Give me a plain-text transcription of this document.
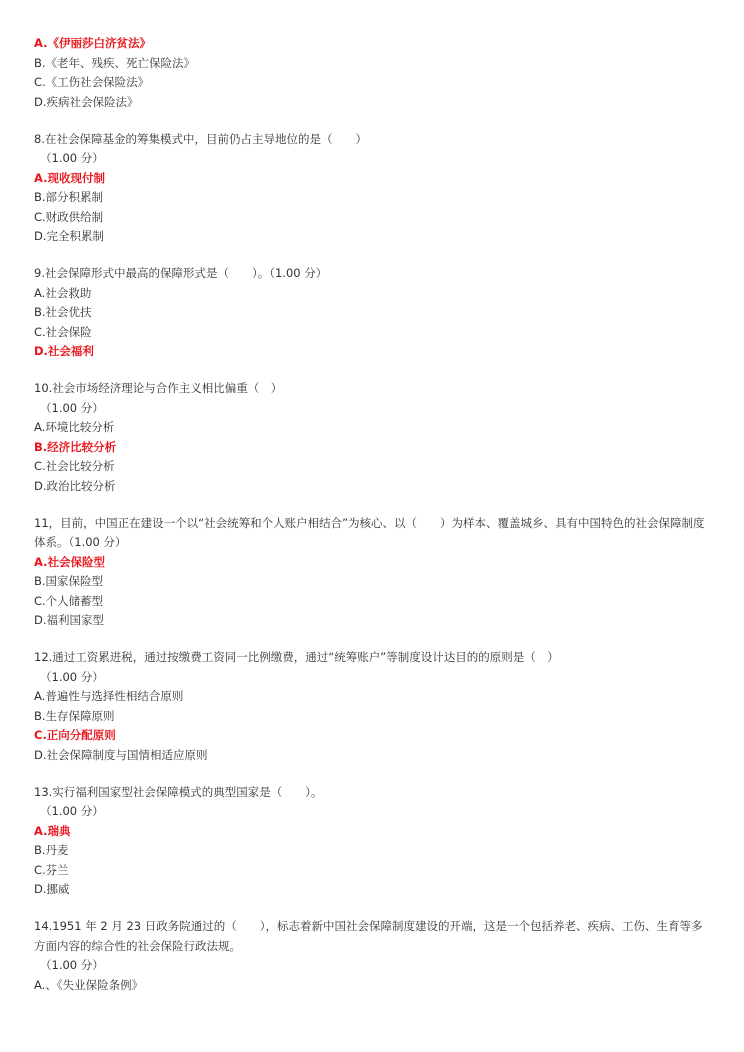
A.《伊丽莎白济贫法》
B.《老年、残疾、死亡保险法》
C.《工伤社会保险法》
D.疾病社会保险法》
8.在社会保障基金的筹集模式中，目前仍占主导地位的是（　　）
（1.00 分）
A.现收现付制
B.部分积累制
C.财政供给制
D.完全积累制
9.社会保障形式中最高的保障形式是（　　）。（1.00 分）
A.社会救助
B.社会优扶
C.社会保险
D.社会福利
10.社会市场经济理论与合作主义相比偏重（　）
（1.00 分）
A.环境比较分析
B.经济比较分析
C.社会比较分析
D.政治比较分析
11，目前，中国正在建设一个以“社会统筹和个人账户相结合”为核心、以（　　）为样本、覆盖城乡、具有中国特色的社会保障制度体系。（1.00 分）
A.社会保险型
B.国家保险型
C.个人储蓄型
D.福利国家型
12.通过工资累进税，通过按缴费工资同一比例缴费，通过“统筹账户”等制度设计达目的的原则是（　）
（1.00 分）
A.普遍性与选择性相结合原则
B.生存保障原则
C.正向分配原则
D.社会保障制度与国情相适应原则
13.实行福利国家型社会保障模式的典型国家是（　　）。
（1.00 分）
A.瑞典
B.丹麦
C.芬兰
D.挪威
14.1951 年 2 月 23 日政务院通过的（　　），标志着新中国社会保障制度建设的开端，这是一个包括养老、疾病、工伤、生育等多方面内容的综合性的社会保险行政法规。
（1.00 分）
A.、《失业保险条例》
